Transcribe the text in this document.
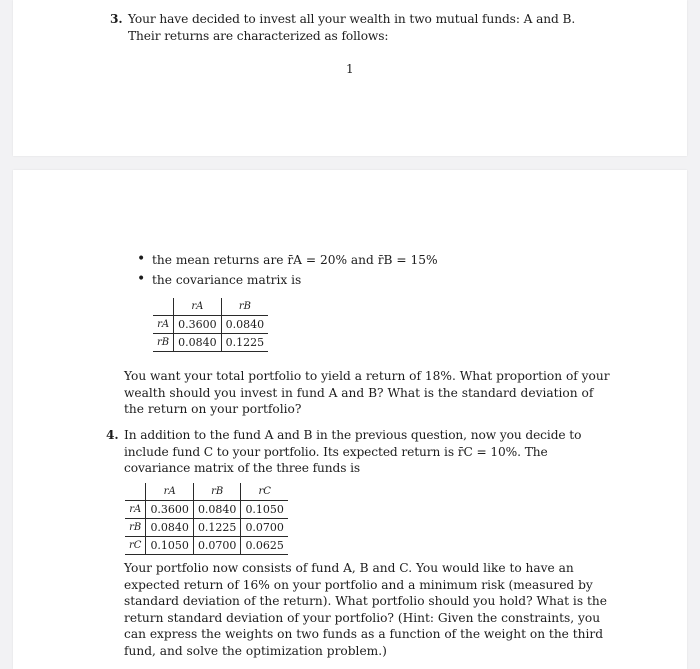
3. Your have decided to invest all your wealth in two mutual funds: A and B. Their returns are characterized as follows:
1
• the mean returns are r̄A = 20% and r̄B = 15%
• the covariance matrix is
	rA	rB
rA	0.3600	0.0840
rB	0.0840	0.1225
You want your total portfolio to yield a return of 18%. What proportion of your wealth should you invest in fund A and B? What is the standard deviation of the return on your portfolio?
4. In addition to the fund A and B in the previous question, now you decide to include fund C to your portfolio. Its expected return is r̄C = 10%. The covariance matrix of the three funds is
	rA	rB	rC
rA	0.3600	0.0840	0.1050
rB	0.0840	0.1225	0.0700
rC	0.1050	0.0700	0.0625
Your portfolio now consists of fund A, B and C. You would like to have an expected return of 16% on your portfolio and a minimum risk (measured by standard deviation of the return). What portfolio should you hold? What is the return standard deviation of your portfolio? (Hint: Given the constraints, you can express the weights on two funds as a function of the weight on the third fund, and solve the optimization problem.)
